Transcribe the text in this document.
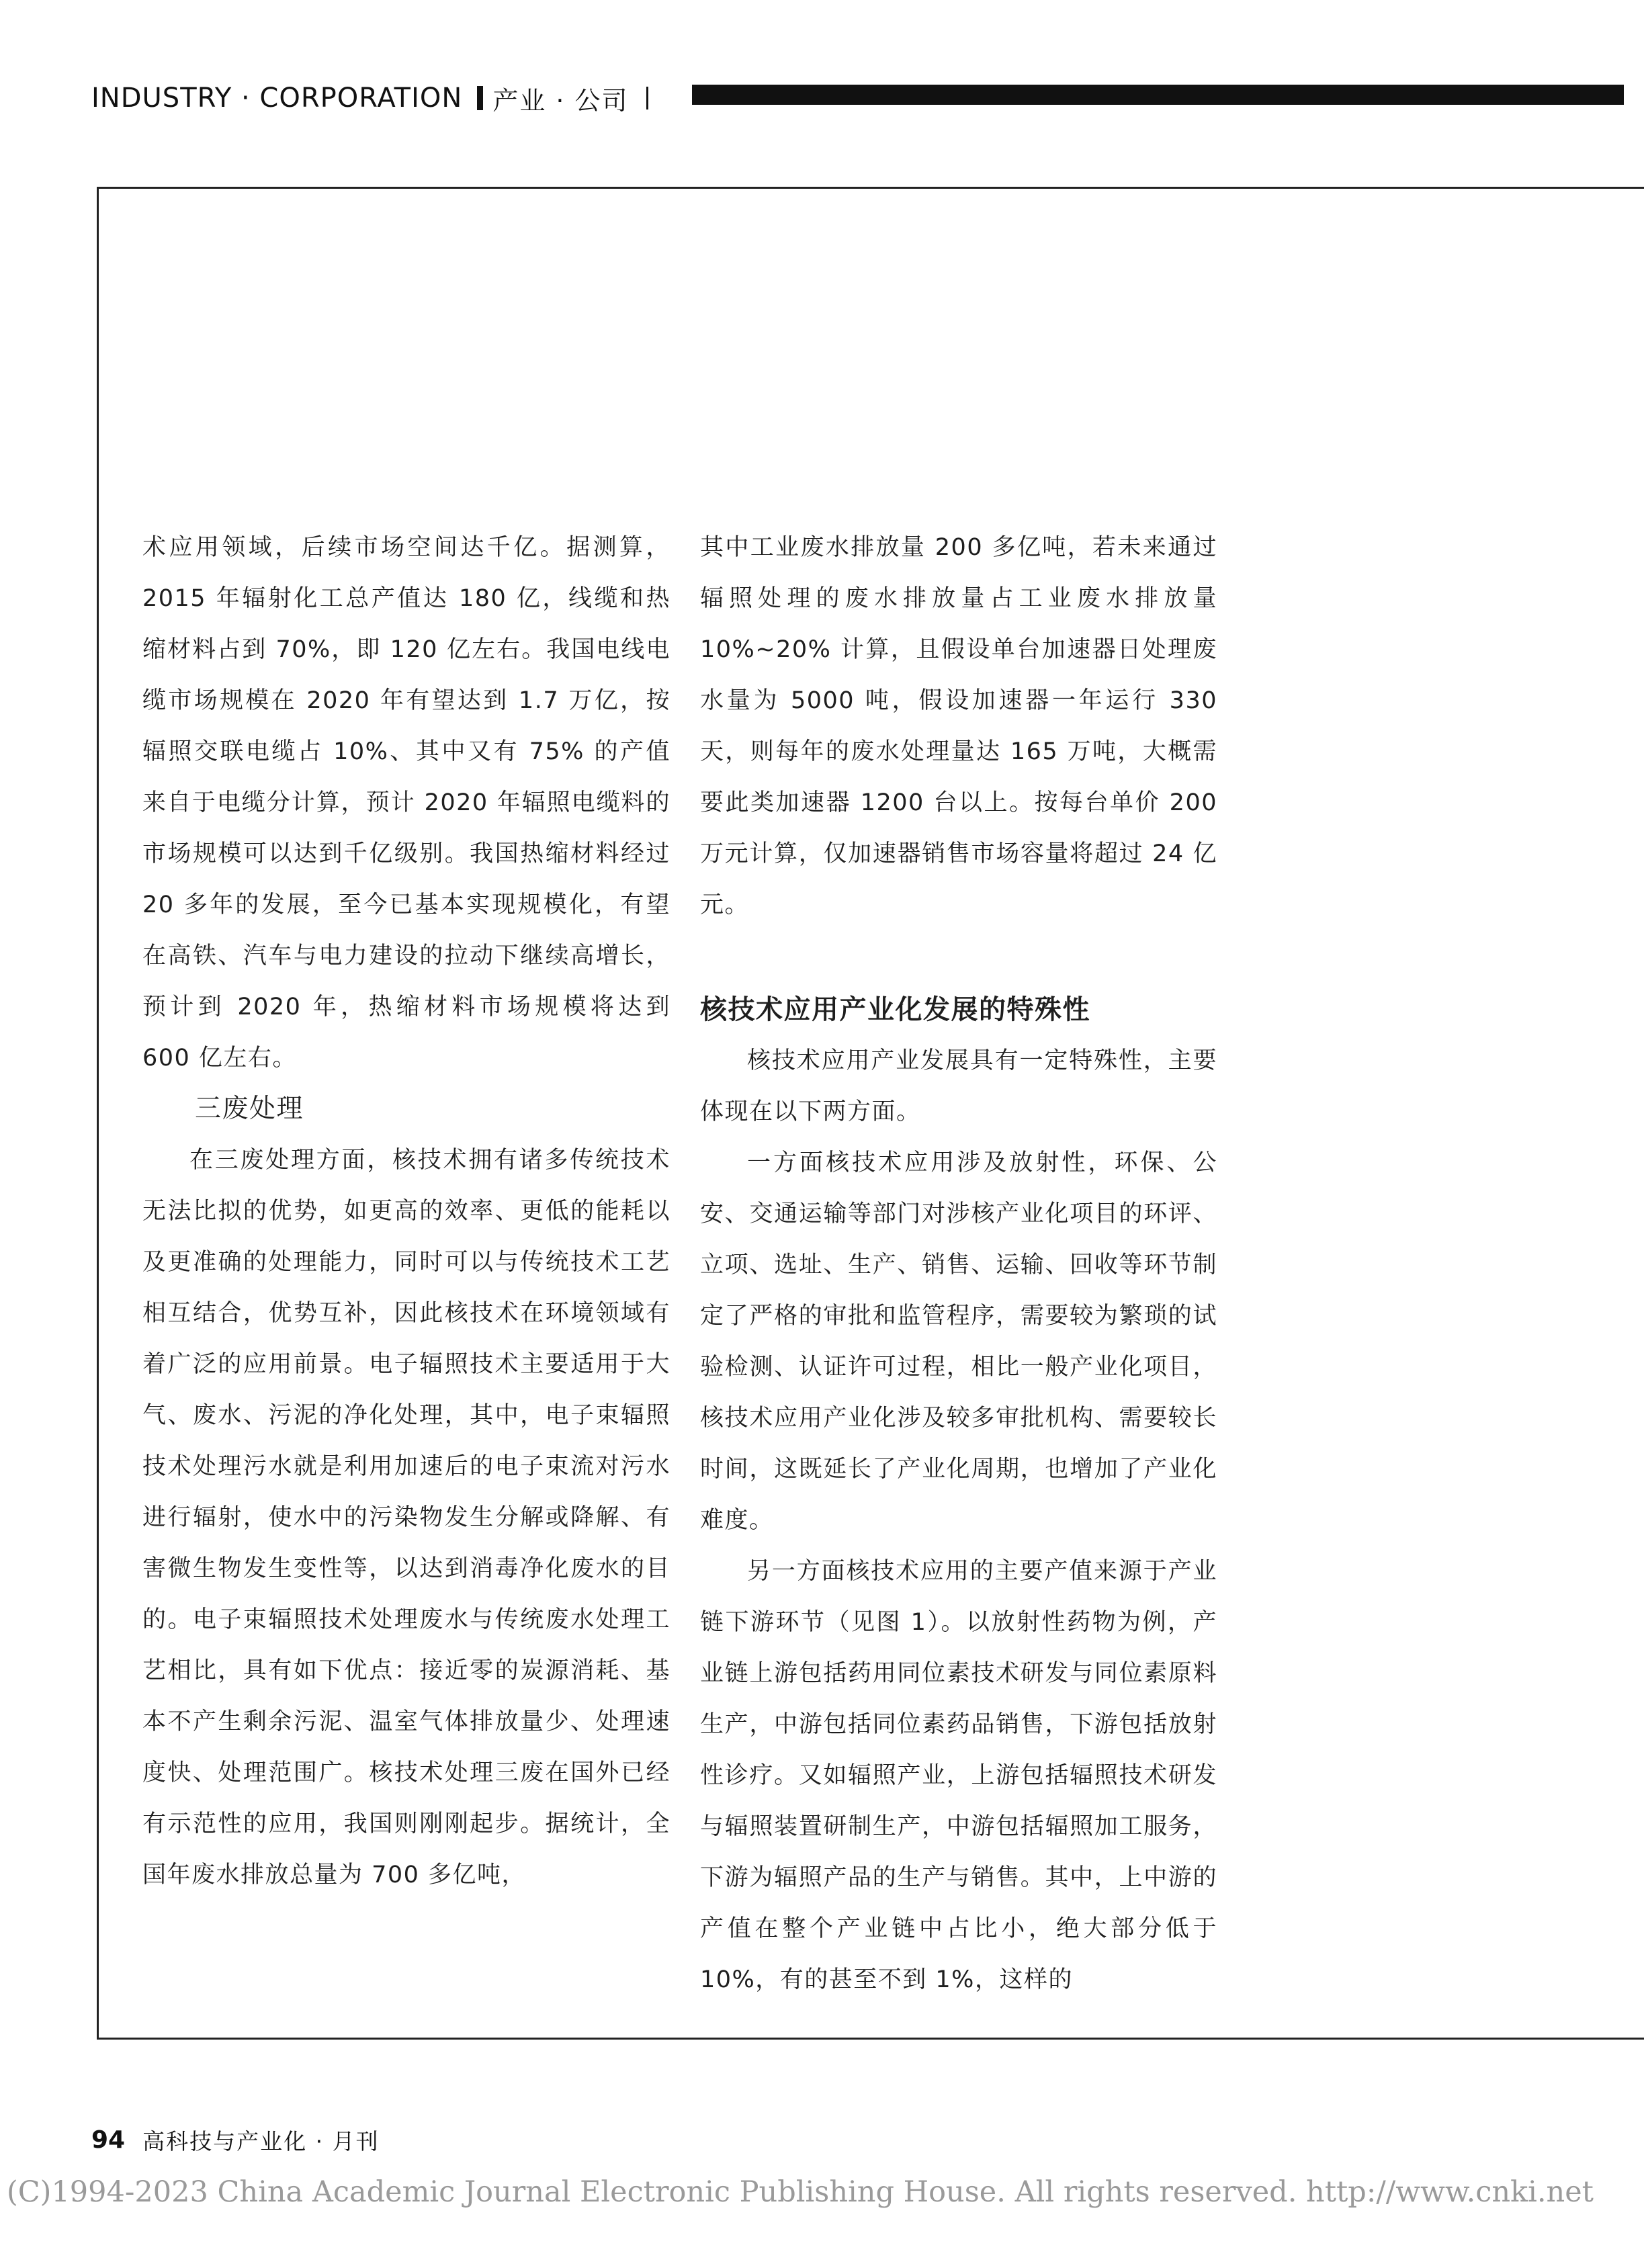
INDUSTRY · CORPORATION 产业 · 公司

术应用领域，后续市场空间达千亿。据测算，2015 年辐射化工总产值达 180 亿，线缆和热缩材料占到 70%，即 120 亿左右。我国电线电缆市场规模在 2020 年有望达到 1.7 万亿，按辐照交联电缆占 10%、其中又有 75% 的产值来自于电缆分计算，预计 2020 年辐照电缆料的市场规模可以达到千亿级别。我国热缩材料经过 20 多年的发展，至今已基本实现规模化，有望在高铁、汽车与电力建设的拉动下继续高增长，预计到 2020 年，热缩材料市场规模将达到 600 亿左右。

三废处理

在三废处理方面，核技术拥有诸多传统技术无法比拟的优势，如更高的效率、更低的能耗以及更准确的处理能力，同时可以与传统技术工艺相互结合，优势互补，因此核技术在环境领域有着广泛的应用前景。电子辐照技术主要适用于大气、废水、污泥的净化处理，其中，电子束辐照技术处理污水就是利用加速后的电子束流对污水进行辐射，使水中的污染物发生分解或降解、有害微生物发生变性等，以达到消毒净化废水的目的。电子束辐照技术处理废水与传统废水处理工艺相比，具有如下优点：接近零的炭源消耗、基本不产生剩余污泥、温室气体排放量少、处理速度快、处理范围广。核技术处理三废在国外已经有示范性的应用，我国则刚刚起步。据统计，全国年废水排放总量为 700 多亿吨，

其中工业废水排放量 200 多亿吨，若未来通过辐照处理的废水排放量占工业废水排放量 10%~20% 计算，且假设单台加速器日处理废水量为 5000 吨，假设加速器一年运行 330 天，则每年的废水处理量达 165 万吨，大概需要此类加速器 1200 台以上。按每台单价 200 万元计算，仅加速器销售市场容量将超过 24 亿元。

核技术应用产业化发展的特殊性

核技术应用产业发展具有一定特殊性，主要体现在以下两方面。

一方面核技术应用涉及放射性，环保、公安、交通运输等部门对涉核产业化项目的环评、立项、选址、生产、销售、运输、回收等环节制定了严格的审批和监管程序，需要较为繁琐的试验检测、认证许可过程，相比一般产业化项目，核技术应用产业化涉及较多审批机构、需要较长时间，这既延长了产业化周期，也增加了产业化难度。

另一方面核技术应用的主要产值来源于产业链下游环节（见图 1）。以放射性药物为例，产业链上游包括药用同位素技术研发与同位素原料生产，中游包括同位素药品销售，下游包括放射性诊疗。又如辐照产业，上游包括辐照技术研发与辐照装置研制生产，中游包括辐照加工服务，下游为辐照产品的生产与销售。其中，上中游的产值在整个产业链中占比小，绝大部分低于 10%，有的甚至不到 1%，这样的

94 高科技与产业化 · 月刊
(C)1994-2023 China Academic Journal Electronic Publishing House. All rights reserved. http://www.cnki.net
